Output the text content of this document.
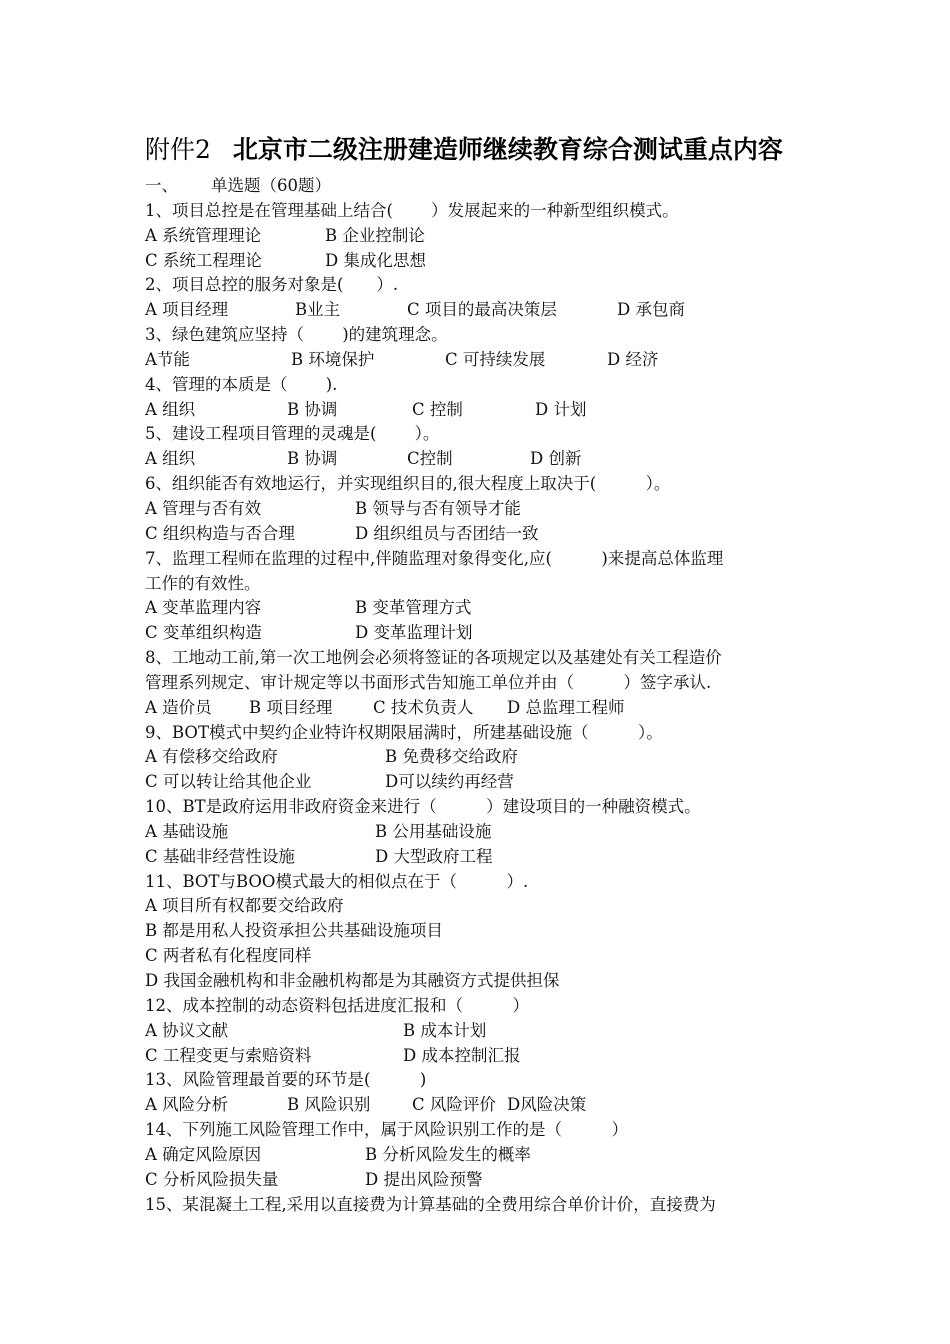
附件2 北京市二级注册建造师继续教育综合测试重点内容
一、 单选题（60题）
1、项目总控是在管理基础上结合(　　 ）发展起来的一种新型组织模式。
A 系统管理理论	B 企业控制论
C 系统工程理论	D 集成化思想
2、项目总控的服务对象是(　　）.
A 项目经理	B业主	C 项目的最高决策层	D 承包商
3、绿色建筑应坚持（　　 )的建筑理念。
A节能	B 环境保护	C 可持续发展	D 经济
4、管理的本质是（　　 ).
A 组织	B 协调	C 控制	D 计划
5、建设工程项目管理的灵魂是(　　 ）。
A 组织	B 协调	C控制	D 创新
6、组织能否有效地运行，并实现组织目的,很大程度上取决于(　　　）。
A 管理与否有效	B 领导与否有领导才能
C 组织构造与否合理	D 组织组员与否团结一致
7、监理工程师在监理的过程中,伴随监理对象得变化,应(　　　)来提高总体监理
工作的有效性。
A 变革监理内容	B 变革管理方式
C 变革组织构造	D 变革监理计划
8、工地动工前,第一次工地例会必须将签证的各项规定以及基建处有关工程造价
管理系列规定、审计规定等以书面形式告知施工单位并由（　　　）签字承认.
A 造价员 B 项目经理 C 技术负责人 D 总监理工程师
9、BOT模式中契约企业特许权期限届满时，所建基础设施（　　　）。
A 有偿移交给政府	B 免费移交给政府
C 可以转让给其他企业	D可以续约再经营
10、BT是政府运用非政府资金来进行（　　　）建设项目的一种融资模式。
A 基础设施	B 公用基础设施
C 基础非经营性设施	D 大型政府工程
11、BOT与BOO模式最大的相似点在于（　　　）.
A 项目所有权都要交给政府
B 都是用私人投资承担公共基础设施项目
C 两者私有化程度同样
D 我国金融机构和非金融机构都是为其融资方式提供担保
12、成本控制的动态资料包括进度汇报和（　　　）
A 协议文献	B 成本计划
C 工程变更与索赔资料	D 成本控制汇报
13、风险管理最首要的环节是(　　　)
A 风险分析	B 风险识别	C 风险评价 D风险决策
14、下列施工风险管理工作中，属于风险识别工作的是（　　　）
A 确定风险原因	B 分析风险发生的概率
C 分析风险损失量	D 提出风险预警
15、某混凝土工程,采用以直接费为计算基础的全费用综合单价计价，直接费为
